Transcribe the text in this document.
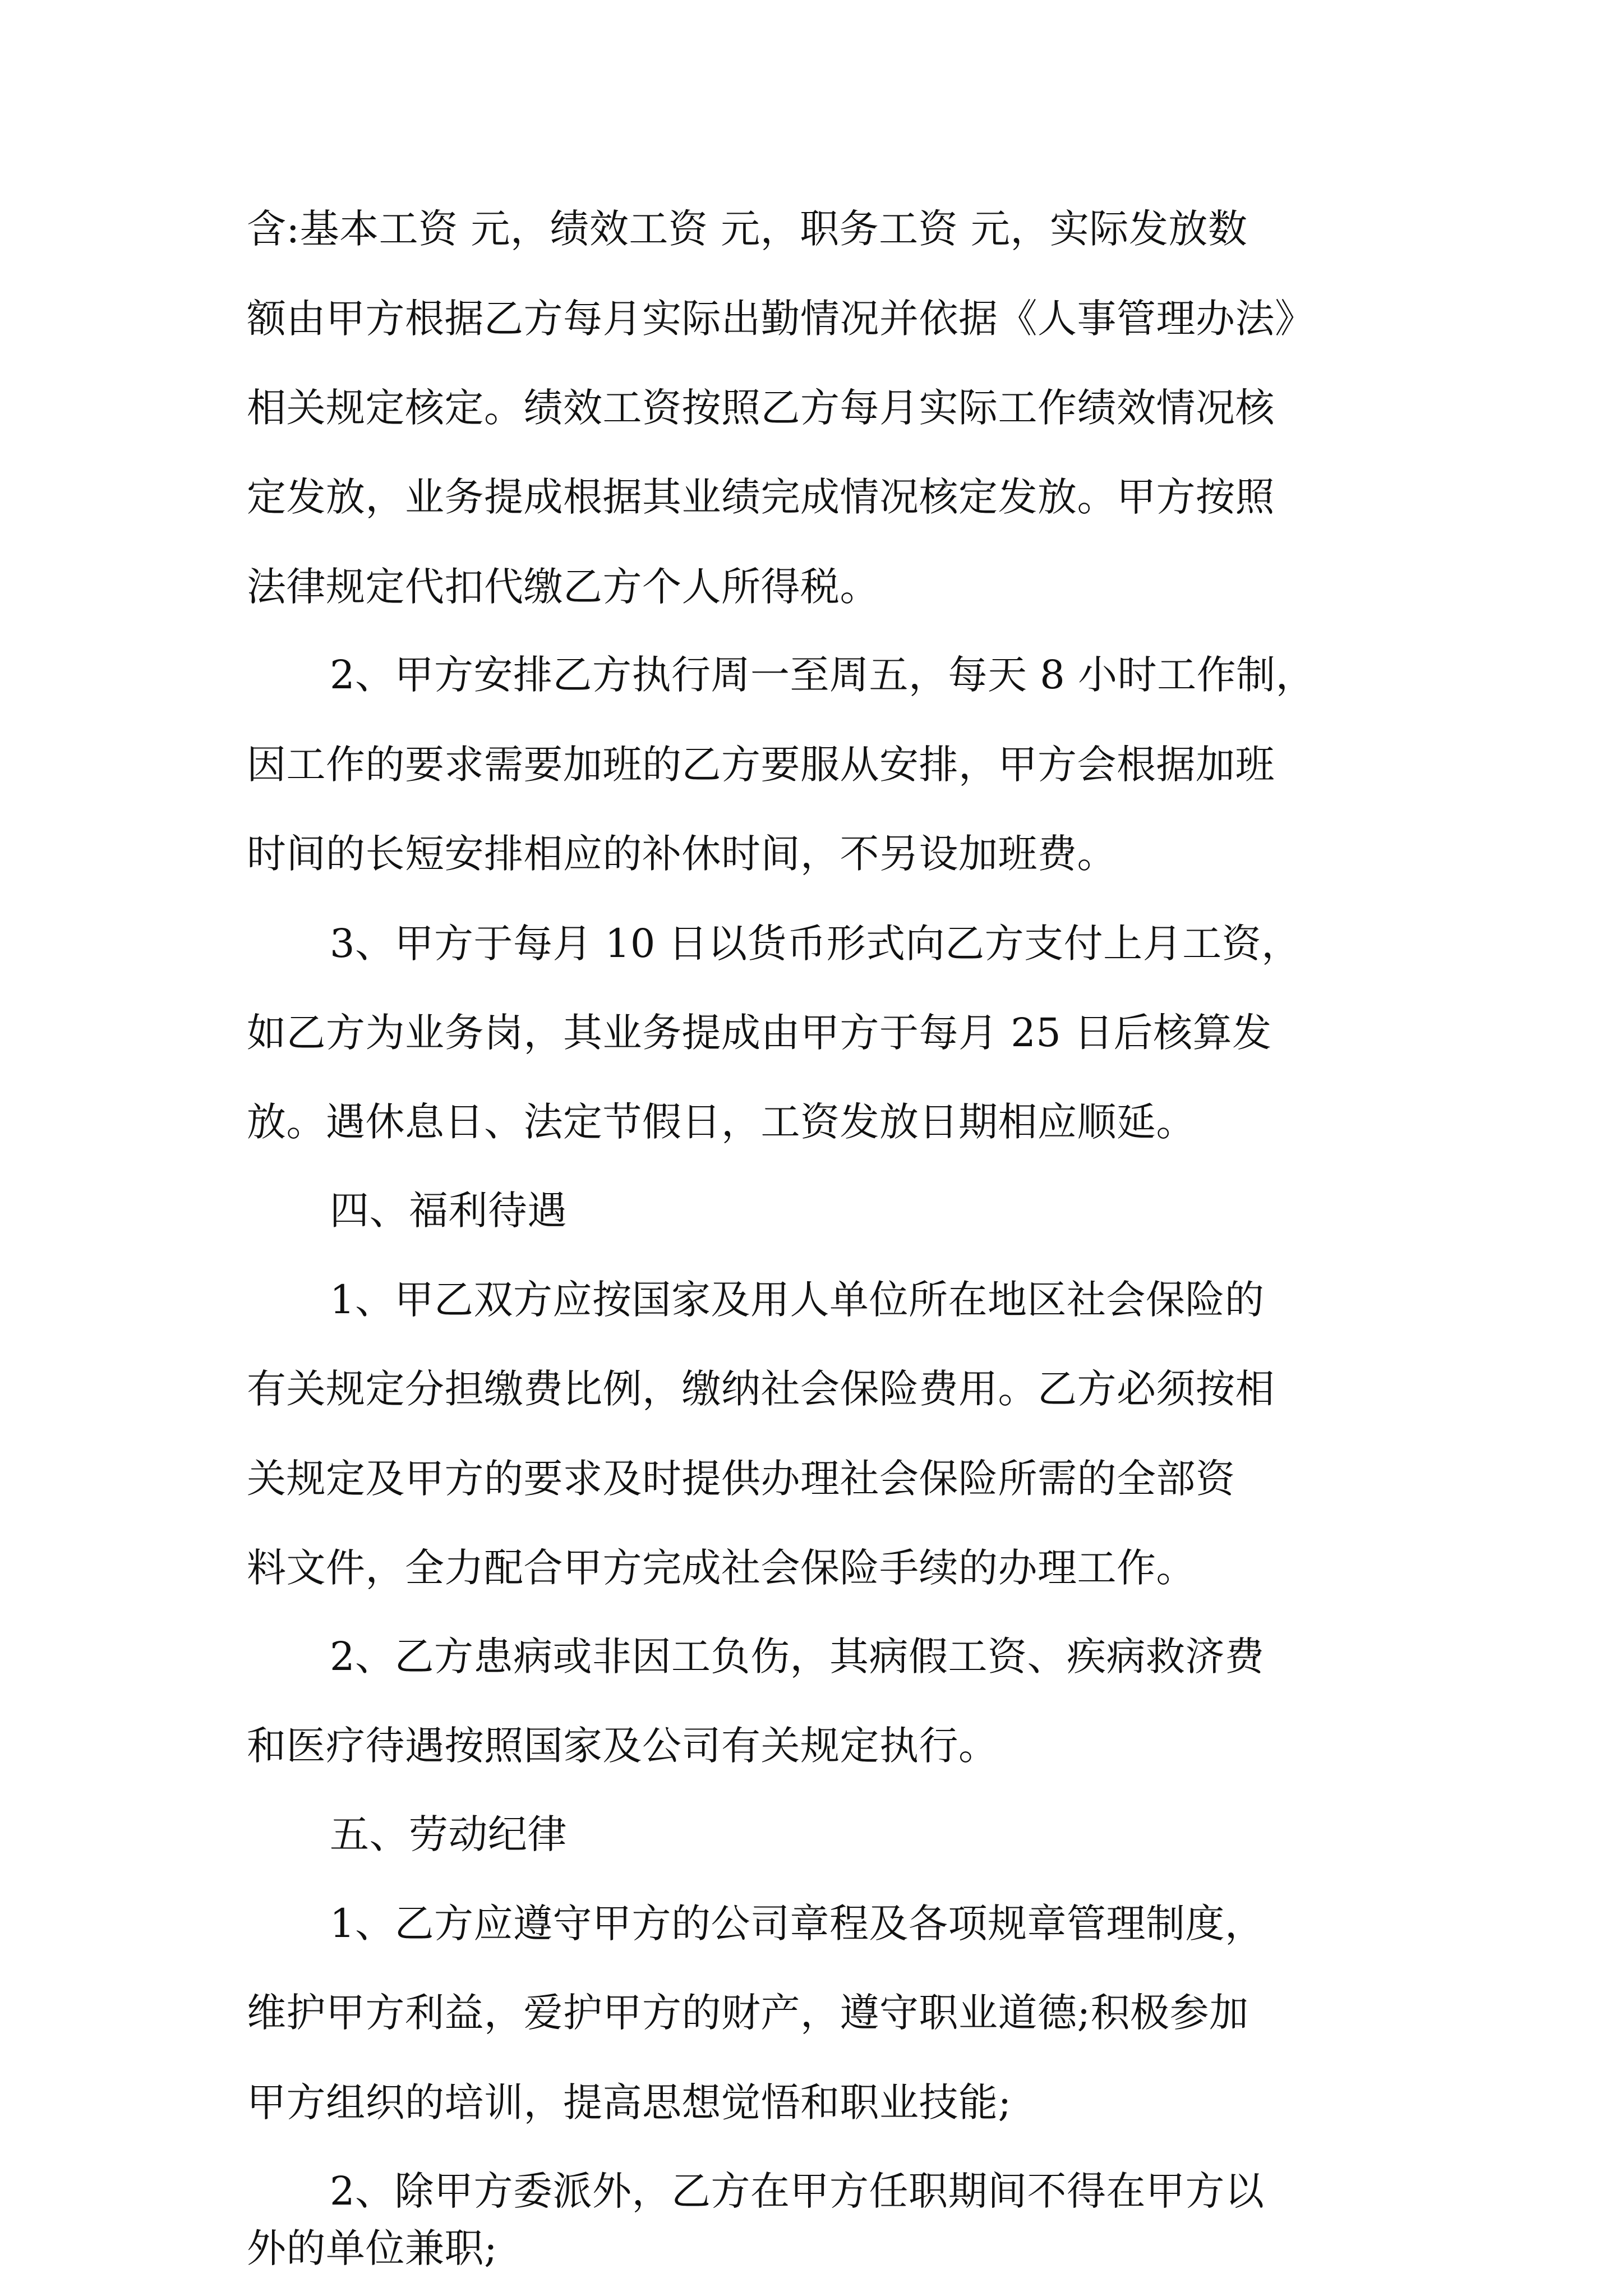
含:基本工资 元，绩效工资 元，职务工资 元，实际发放数
额由甲方根据乙方每月实际出勤情况并依据《人事管理办法》
相关规定核定。绩效工资按照乙方每月实际工作绩效情况核
定发放，业务提成根据其业绩完成情况核定发放。甲方按照
法律规定代扣代缴乙方个人所得税。
2、甲方安排乙方执行周一至周五，每天 8 小时工作制，
因工作的要求需要加班的乙方要服从安排，甲方会根据加班
时间的长短安排相应的补休时间，不另设加班费。
3、甲方于每月 10 日以货币形式向乙方支付上月工资，
如乙方为业务岗，其业务提成由甲方于每月 25 日后核算发
放。遇休息日、法定节假日，工资发放日期相应顺延。
四、福利待遇
1、甲乙双方应按国家及用人单位所在地区社会保险的
有关规定分担缴费比例，缴纳社会保险费用。乙方必须按相
关规定及甲方的要求及时提供办理社会保险所需的全部资
料文件，全力配合甲方完成社会保险手续的办理工作。
2、乙方患病或非因工负伤，其病假工资、疾病救济费
和医疗待遇按照国家及公司有关规定执行。
五、劳动纪律
1、乙方应遵守甲方的公司章程及各项规章管理制度，
维护甲方利益，爱护甲方的财产，遵守职业道德;积极参加
甲方组织的培训，提高思想觉悟和职业技能;
2、除甲方委派外，乙方在甲方任职期间不得在甲方以
外的单位兼职;
